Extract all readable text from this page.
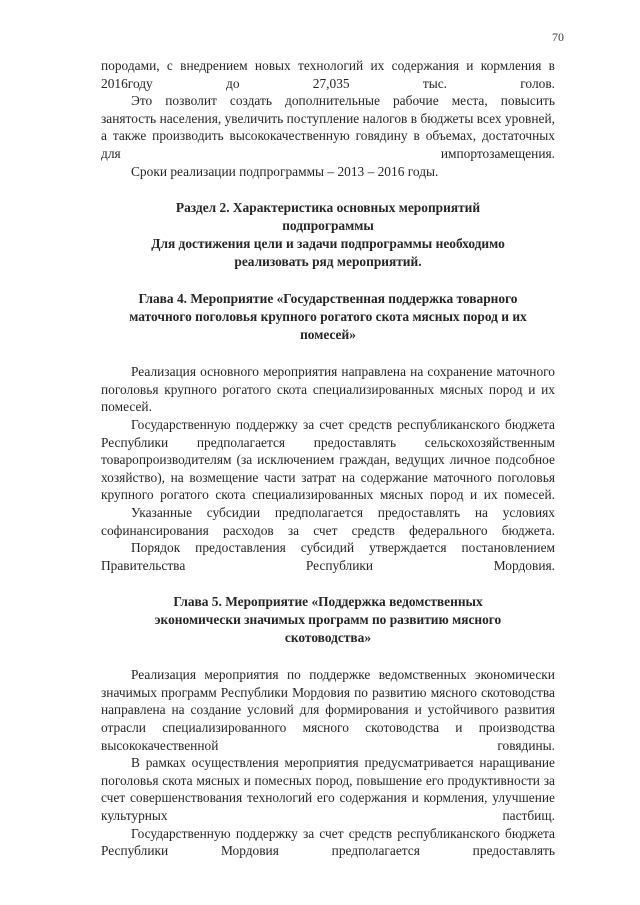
70

породами, с внедрением новых технологий их содержания и кормления в 2016году до 27,035 тыс. голов.

Это позволит создать дополнительные рабочие места, повысить занятость населения, увеличить поступление налогов в бюджеты всех уровней, а также производить высококачественную говядину в объемах, достаточных для импортозамещения.

Сроки реализации подпрограммы – 2013 – 2016 годы.

Раздел 2. Характеристика основных мероприятий

подпрограммы

Для достижения цели и задачи подпрограммы необходимо

реализовать ряд мероприятий.

Глава 4. Мероприятие «Государственная поддержка товарного

маточного поголовья крупного рогатого скота мясных пород и их

помесей»

Реализация основного мероприятия направлена на сохранение маточного поголовья крупного рогатого скота специализированных мясных пород и их помесей.

Государственную поддержку за счет средств республиканского бюджета Республики предполагается предоставлять сельскохозяйственным товаропроизводителям (за исключением граждан, ведущих личное подсобное хозяйство), на возмещение части затрат на содержание маточного поголовья крупного рогатого скота специализированных мясных пород и их помесей.

Указанные субсидии предполагается предоставлять на условиях софинансирования расходов за счет средств федерального бюджета.

Порядок предоставления субсидий утверждается постановлением Правительства Республики Мордовия.

Глава 5. Мероприятие «Поддержка ведомственных

экономически значимых программ по развитию мясного

скотоводства»

Реализация мероприятия по поддержке ведомственных экономически значимых программ Республики Мордовия по развитию мясного скотоводства направлена на создание условий для формирования и устойчивого развития отрасли специализированного мясного скотоводства и производства высококачественной говядины.

В рамках осуществления мероприятия предусматривается наращивание поголовья скота мясных и помесных пород, повышение его продуктивности за счет совершенствования технологий его содержания и кормления, улучшение культурных пастбищ.

Государственную поддержку за счет средств республиканского бюджета Республики Мордовия предполагается предоставлять
